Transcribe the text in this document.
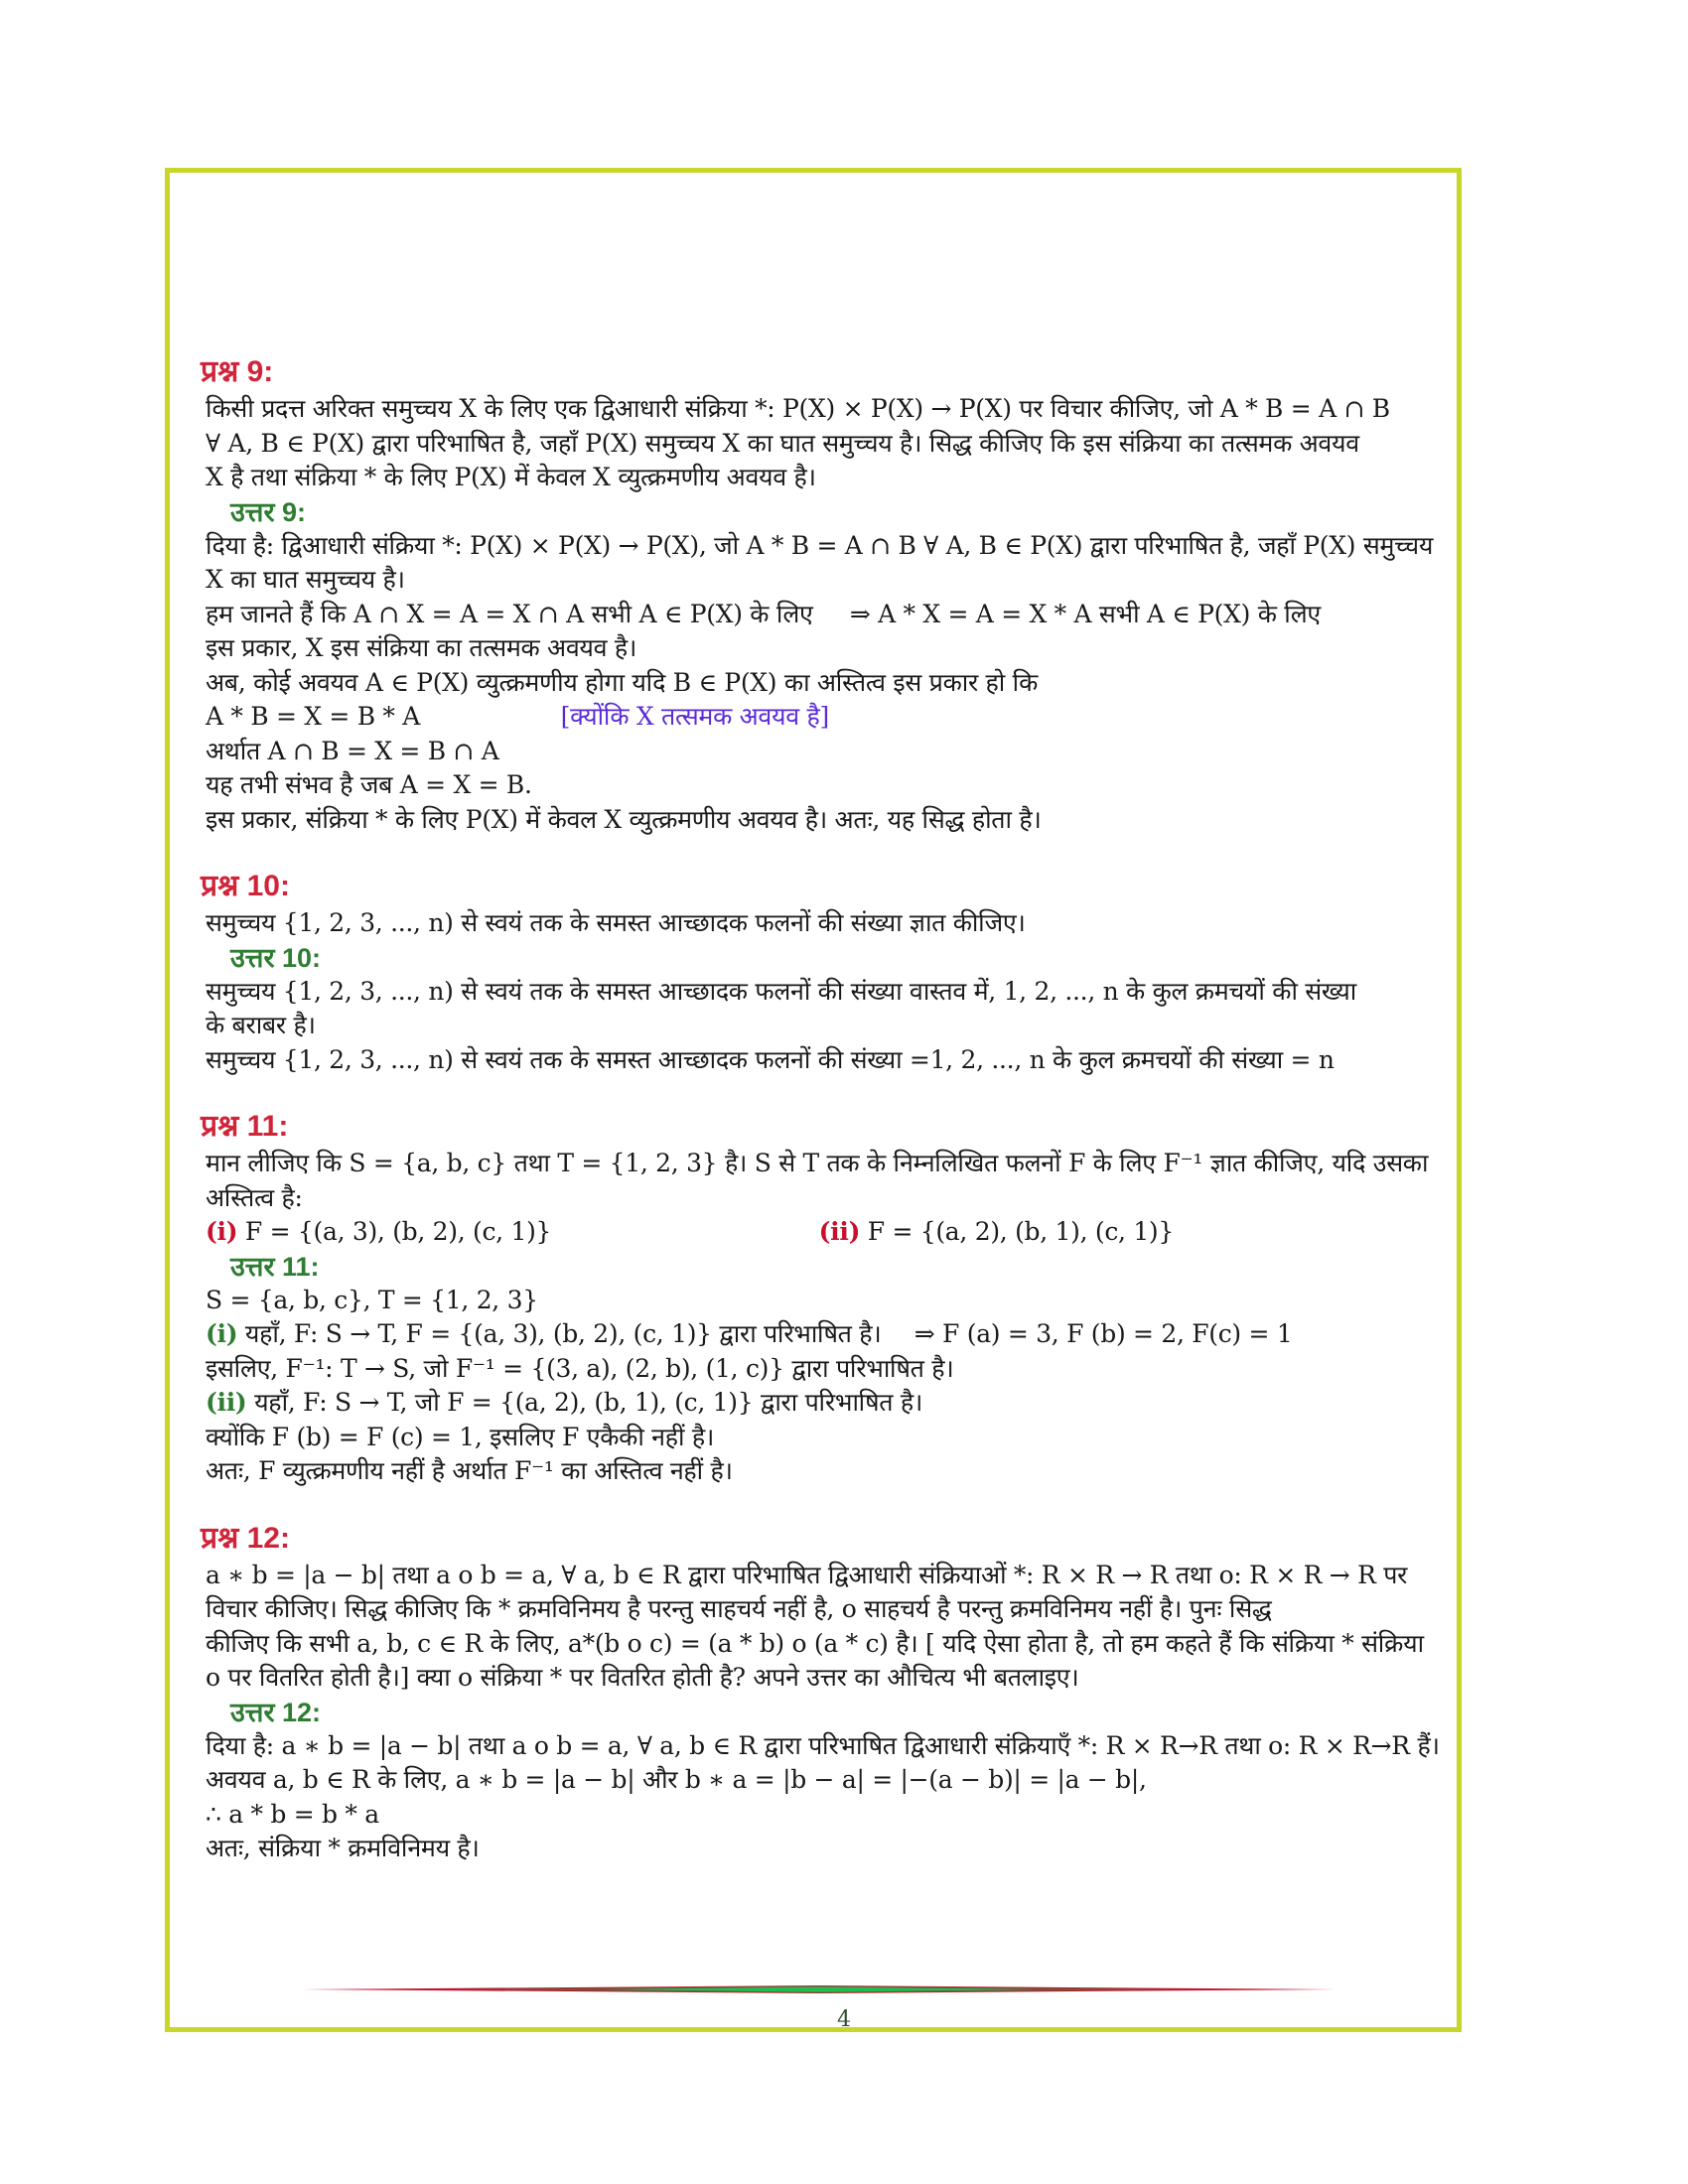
प्रश्न 9:
किसी प्रदत्त अरिक्त समुच्चय X के लिए एक द्विआधारी संक्रिया *: P(X) × P(X) → P(X) पर विचार कीजिए, जो A * B = A ∩ B
∀ A, B ∈ P(X) द्वारा परिभाषित है, जहाँ P(X) समुच्चय X का घात समुच्चय है। सिद्ध कीजिए कि इस संक्रिया का तत्समक अवयव
X है तथा संक्रिया * के लिए P(X) में केवल X व्युत्क्रमणीय अवयव है।
उत्तर 9:
दिया है: द्विआधारी संक्रिया *: P(X) × P(X) → P(X), जो A * B = A ∩ B ∀ A, B ∈ P(X) द्वारा परिभाषित है, जहाँ P(X) समुच्चय
X का घात समुच्चय है।
हम जानते हैं कि A ∩ X = A = X ∩ A सभी A ∈ P(X) के लिए ⇒ A * X = A = X * A सभी A ∈ P(X) के लिए
इस प्रकार, X इस संक्रिया का तत्समक अवयव है।
अब, कोई अवयव A ∈ P(X) व्युत्क्रमणीय होगा यदि B ∈ P(X) का अस्तित्व इस प्रकार हो कि
A * B = X = B * A	[क्योंकि X तत्समक अवयव है]
अर्थात A ∩ B = X = B ∩ A
यह तभी संभव है जब A = X = B.
इस प्रकार, संक्रिया * के लिए P(X) में केवल X व्युत्क्रमणीय अवयव है। अतः, यह सिद्ध होता है।
प्रश्न 10:
समुच्चय {1, 2, 3, ..., n) से स्वयं तक के समस्त आच्छादक फलनों की संख्या ज्ञात कीजिए।
उत्तर 10:
समुच्चय {1, 2, 3, ..., n) से स्वयं तक के समस्त आच्छादक फलनों की संख्या वास्तव में, 1, 2, ..., n के कुल क्रमचयों की संख्या
के बराबर है।
समुच्चय {1, 2, 3, ..., n) से स्वयं तक के समस्त आच्छादक फलनों की संख्या =1, 2, ..., n के कुल क्रमचयों की संख्या = n
प्रश्न 11:
मान लीजिए कि S = {a, b, c} तथा T = {1, 2, 3} है। S से T तक के निम्नलिखित फलनों F के लिए F⁻¹ ज्ञात कीजिए, यदि उसका
अस्तित्व है:
(i) F = {(a, 3), (b, 2), (c, 1)}	(ii) F = {(a, 2), (b, 1), (c, 1)}
उत्तर 11:
S = {a, b, c}, T = {1, 2, 3}
(i) यहाँ, F: S → T, F = {(a, 3), (b, 2), (c, 1)} द्वारा परिभाषित है। ⇒ F (a) = 3, F (b) = 2, F(c) = 1
इसलिए, F⁻¹: T → S, जो F⁻¹ = {(3, a), (2, b), (1, c)} द्वारा परिभाषित है।
(ii) यहाँ, F: S → T, जो F = {(a, 2), (b, 1), (c, 1)} द्वारा परिभाषित है।
क्योंकि F (b) = F (c) = 1, इसलिए F एकैकी नहीं है।
अतः, F व्युत्क्रमणीय नहीं है अर्थात F⁻¹ का अस्तित्व नहीं है।
प्रश्न 12:
a ∗ b = |a − b| तथा a o b = a, ∀ a, b ∈ R द्वारा परिभाषित द्विआधारी संक्रियाओं *: R × R → R तथा o: R × R → R पर
विचार कीजिए। सिद्ध कीजिए कि * क्रमविनिमय है परन्तु साहचर्य नहीं है, o साहचर्य है परन्तु क्रमविनिमय नहीं है। पुनः सिद्ध
कीजिए कि सभी a, b, c ∈ R के लिए, a*(b o c) = (a * b) o (a * c) है। [ यदि ऐसा होता है, तो हम कहते हैं कि संक्रिया * संक्रिया
o पर वितरित होती है।] क्या o संक्रिया * पर वितरित होती है? अपने उत्तर का औचित्य भी बतलाइए।
उत्तर 12:
दिया है: a ∗ b = |a − b| तथा a o b = a, ∀ a, b ∈ R द्वारा परिभाषित द्विआधारी संक्रियाएँ *: R × R→R तथा o: R × R→R हैं।
अवयव a, b ∈ R के लिए, a ∗ b = |a − b| और b ∗ a = |b − a| = |−(a − b)| = |a − b|,
∴ a * b = b * a
अतः, संक्रिया * क्रमविनिमय है।
4
